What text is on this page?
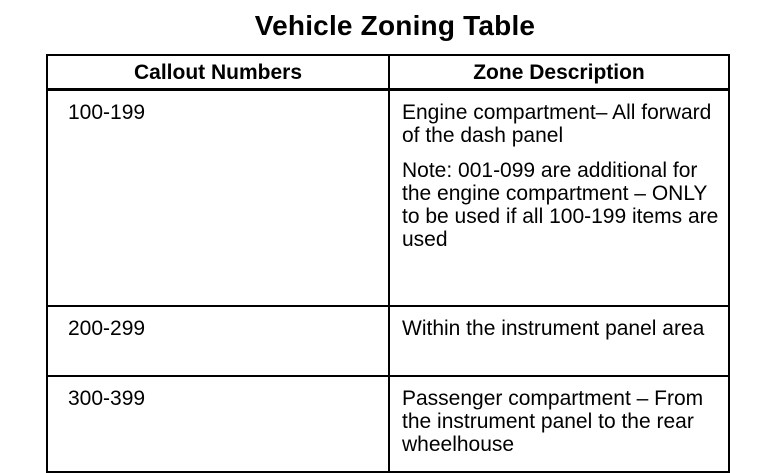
Vehicle Zoning Table
Callout Numbers	Zone Description
100-199	Engine compartment– All forward of the dash panel
Note: 001-099 are additional for the engine compartment – ONLY to be used if all 100-199 items are used

200-299	Within the instrument panel area

300-399	Passenger compartment – From the instrument panel to the rear wheelhouse
